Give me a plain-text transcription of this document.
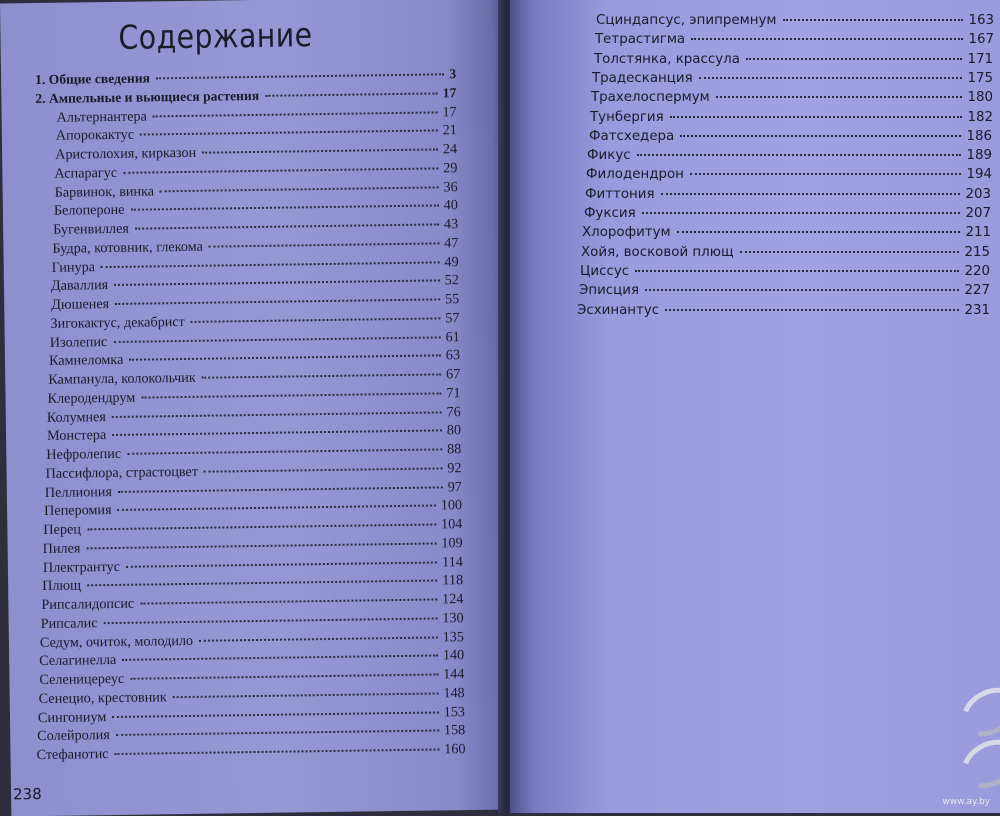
Содержание
1. Общие сведения	3
2. Ампельные и вьющиеся растения	17
Альтернантера	17
Апорокактус	21
Аристолохия, кирказон	24
Аспарагус	29
Барвинок, винка	36
Белопероне	40
Бугенвиллея	43
Будра, котовник, глекома	47
Гинура	49
Даваллия	52
Дюшенея	55
Зигокактус, декабрист	57
Изолепис	61
Камнеломка	63
Кампанула, колокольчик	67
Клеродендрум	71
Колумнея	76
Монстера	80
Нефролепис	88
Пассифлора, страстоцвет	92
Пеллиония	97
Пеперомия	100
Перец	104
Пилея	109
Плектрантус	114
Плющ	118
Рипсалидопсис	124
Рипсалис	130
Седум, очиток, молодило	135
Селагинелла	140
Селеницереус	144
Сенецио, крестовник	148
Сингониум	153
Солейролия	158
Стефанотис	160
238
Сциндапсус, эпипремнум	163
Тетрастигма	167
Толстянка, крассула	171
Традесканция	175
Трахелоспермум	180
Тунбергия	182
Фатсхедера	186
Фикус	189
Филодендрон	194
Фиттония	203
Фуксия	207
Хлорофитум	211
Хойя, восковой плющ	215
Циссус	220
Эписция	227
Эсхинантус	231
www.ay.by
